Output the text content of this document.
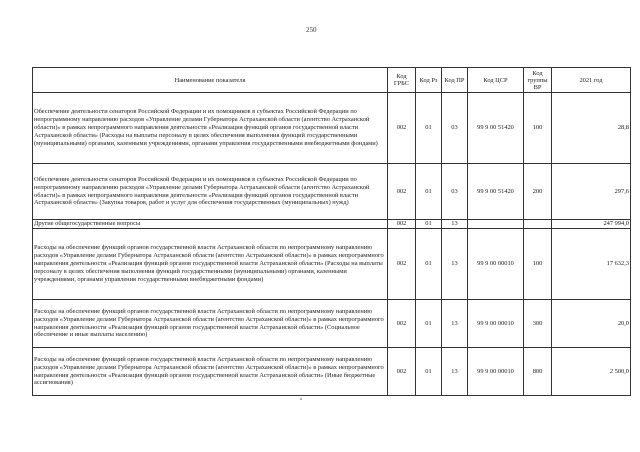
250
Наименование показателя	Код ГРБС	Код Рз	Код ПР	Код ЦСР	Код группы ВР	2021 год
Обеспечение деятельности сенаторов Российской Федерации и их помощников в субъектах Российской Федерации по непрограммному направлению расходов «Управление делами Губернатора Астраханской области (агентство Астраханской области)» в рамках непрограммного направления деятельности «Реализация функций органов государственной власти Астраханской области» (Расходы на выплаты персоналу в целях обеспечения выполнения функций государственными (муниципальными) органами, казенными учреждениями, органами управления государственными внебюджетными фондами)	002	01	03	99 9 00 51420	100	28,8
Обеспечение деятельности сенаторов Российской Федерации и их помощников в субъектах Российской Федерации по непрограммному направлению расходов «Управление делами Губернатора Астраханской области (агентство Астраханской области)» в рамках непрограммного направления деятельности «Реализация функций органов государственной власти Астраханской области» (Закупка товаров, работ и услуг для обеспечения государственных (муниципальных) нужд)	002	01	03	99 9 00 51420	200	297,6
Другие общегосударственные вопросы	002	01	13			247 994,0
Расходы на обеспечение функций органов государственной власти Астраханской области по непрограммному направлению расходов «Управление делами Губернатора Астраханской области (агентство Астраханской области)» в рамках непрограммного направления деятельности «Реализация функций органов государственной власти Астраханской области» (Расходы на выплаты персоналу в целях обеспечения выполнения функций государственными (муниципальными) органами, казенными учреждениями, органами управления государственными внебюджетными фондами)	002	01	13	99 9 00 00010	100	17 632,3
Расходы на обеспечение функций органов государственной власти Астраханской области по непрограммному направлению расходов «Управление делами Губернатора Астраханской области (агентство Астраханской области)» в рамках непрограммного направления деятельности «Реализация функций органов государственной власти Астраханской области» (Социальное обеспечение и иные выплаты населению)	002	01	13	99 9 00 00010	300	20,0
Расходы на обеспечение функций органов государственной власти Астраханской области по непрограммному направлению расходов «Управление делами Губернатора Астраханской области (агентство Астраханской области)» в рамках непрограммного направления деятельности «Реализация функций органов государственной власти Астраханской области» (Иные бюджетные ассигнования)	002	01	13	99 9 00 00010	800	2 500,0
